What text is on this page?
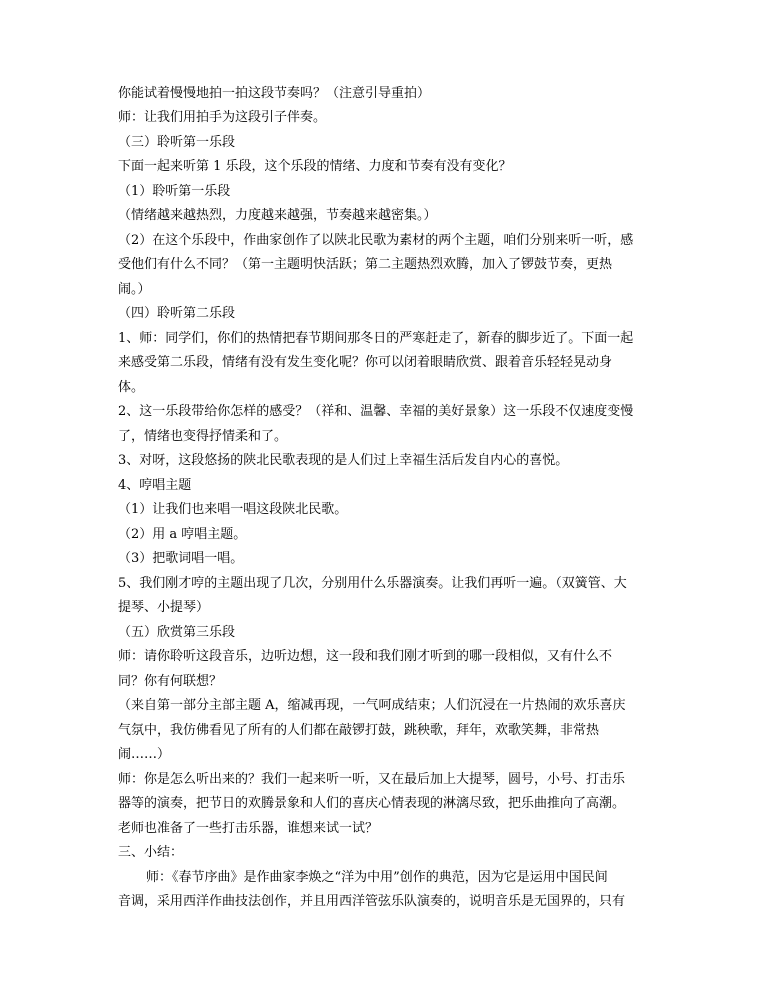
你能试着慢慢地拍一拍这段节奏吗？（注意引导重拍）
师：让我们用拍手为这段引子伴奏。
（三）聆听第一乐段
下面一起来听第 1 乐段，这个乐段的情绪、力度和节奏有没有变化？
（1）聆听第一乐段
（情绪越来越热烈，力度越来越强，节奏越来越密集。）
（2）在这个乐段中，作曲家创作了以陕北民歌为素材的两个主题，咱们分别来听一听，感
受他们有什么不同？（第一主题明快活跃；第二主题热烈欢腾，加入了锣鼓节奏，更热
闹。）
（四）聆听第二乐段
1、师：同学们，你们的热情把春节期间那冬日的严寒赶走了，新春的脚步近了。下面一起
来感受第二乐段，情绪有没有发生变化呢？你可以闭着眼睛欣赏、跟着音乐轻轻晃动身
体。
2、这一乐段带给你怎样的感受？（祥和、温馨、幸福的美好景象）这一乐段不仅速度变慢
了，情绪也变得抒情柔和了。
3、对呀，这段悠扬的陕北民歌表现的是人们过上幸福生活后发自内心的喜悦。
4、哼唱主题
（1）让我们也来唱一唱这段陕北民歌。
（2）用 a 哼唱主题。
（3）把歌词唱一唱。
5、我们刚才哼的主题出现了几次，分别用什么乐器演奏。让我们再听一遍。（双簧管、大
提琴、小提琴）
（五）欣赏第三乐段
师：请你聆听这段音乐，边听边想，这一段和我们刚才听到的哪一段相似，又有什么不
同？你有何联想？
（来自第一部分主部主题 A，缩减再现，一气呵成结束；人们沉浸在一片热闹的欢乐喜庆
气氛中，我仿佛看见了所有的人们都在敲锣打鼓，跳秧歌，拜年，欢歌笑舞，非常热
闹……）
师：你是怎么听出来的？我们一起来听一听，又在最后加上大提琴，圆号，小号、打击乐
器等的演奏，把节日的欢腾景象和人们的喜庆心情表现的淋漓尽致，把乐曲推向了高潮。
老师也准备了一些打击乐器，谁想来试一试？
三、小结：
师：《春节序曲》是作曲家李焕之“洋为中用”创作的典范，因为它是运用中国民间
音调，采用西洋作曲技法创作，并且用西洋管弦乐队演奏的，说明音乐是无国界的，只有
